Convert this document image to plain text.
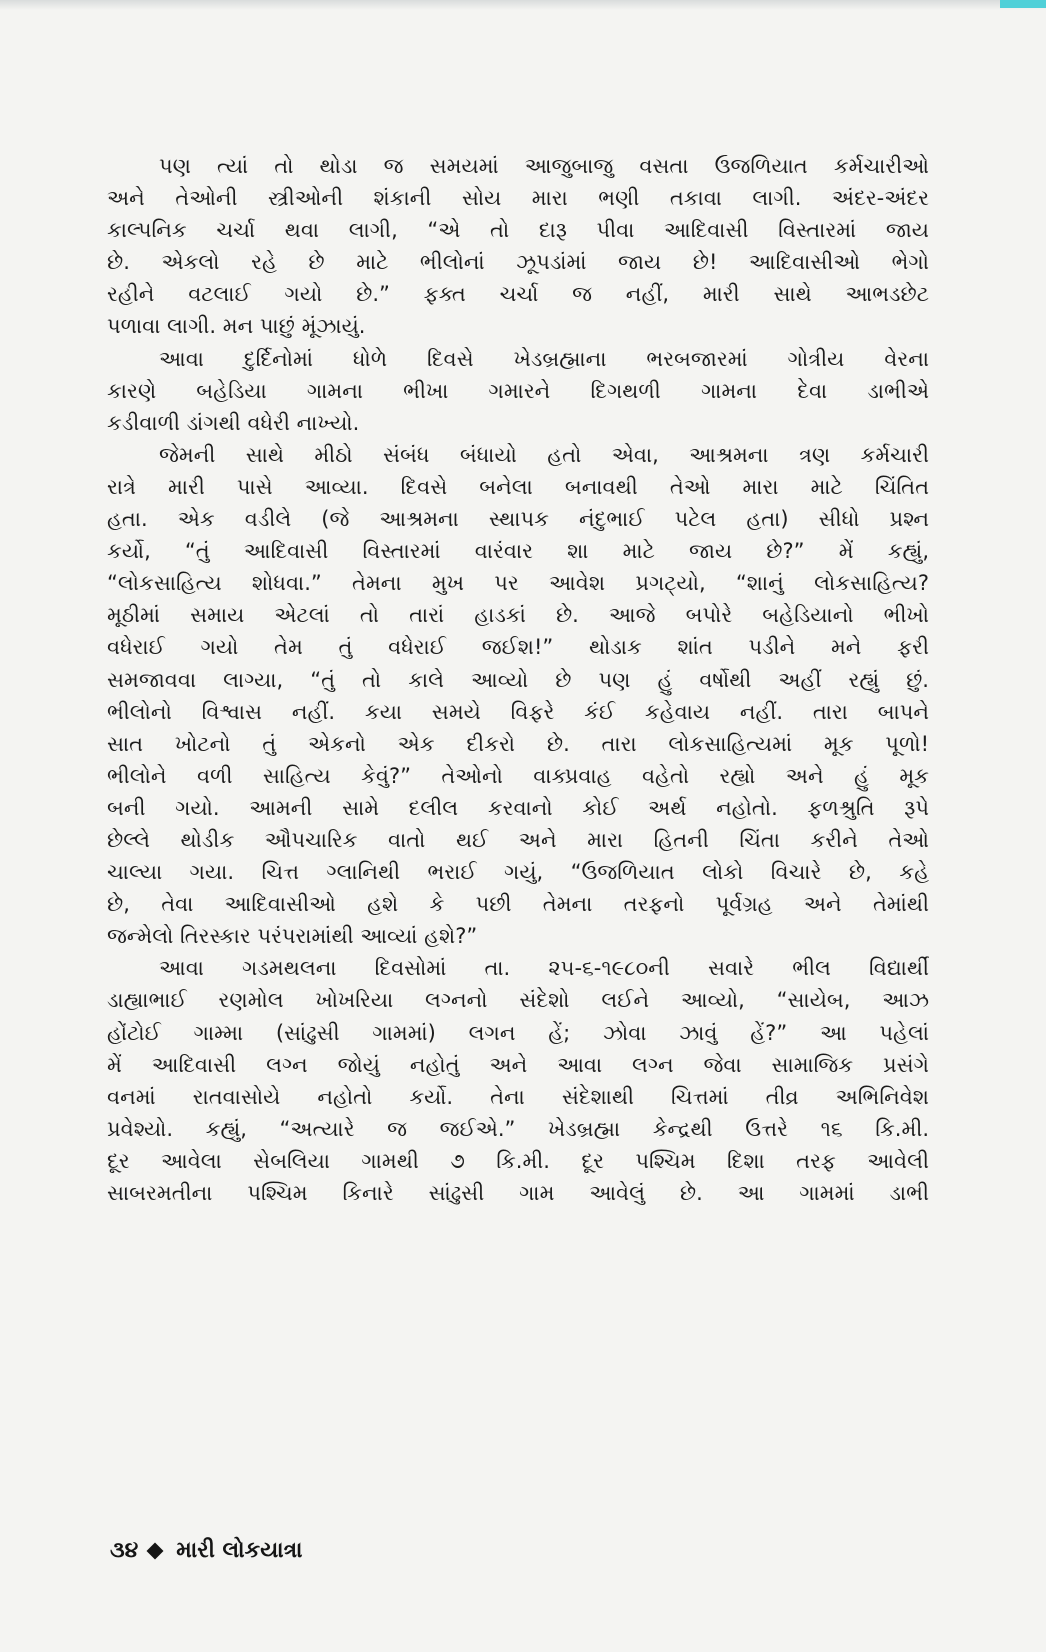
પણ ત્યાં તો થોડા જ સમયમાં આજુબાજુ વસતા ઉજળિયાત કર્મચારીઓ
અને તેઓની સ્ત્રીઓની શંકાની સોય મારા ભણી તકાવા લાગી. અંદર-અંદર
કાલ્પનિક ચર્ચા થવા લાગી, “એ તો દારૂ પીવા આદિવાસી વિસ્તારમાં જાય
છે. એકલો રહે છે માટે ભીલોનાં ઝૂપડાંમાં જાય છે! આદિવાસીઓ ભેગો
રહીને વટલાઈ ગયો છે.” ફક્ત ચર્ચા જ નહીં, મારી સાથે આભડછેટ
પળાવા લાગી. મન પાછું મૂંઝાયું.
આવા દુર્દિનોમાં ધોળે દિવસે ખેડબ્રહ્માના ભરબજારમાં ગોત્રીય વેરના
કારણે બહેડિયા ગામના ભીખા ગમારને દિગથળી ગામના દેવા ડાભીએ
કડીવાળી ડાંગથી વધેરી નાખ્યો.
જેમની સાથે મીઠો સંબંધ બંધાયો હતો એવા, આશ્રમના ત્રણ કર્મચારી
રાત્રે મારી પાસે આવ્યા. દિવસે બનેલા બનાવથી તેઓ મારા માટે ચિંતિત
હતા. એક વડીલે (જે આશ્રમના સ્થાપક નંદુભાઈ પટેલ હતા) સીધો પ્રશ્ન
કર્યો, “તું આદિવાસી વિસ્તારમાં વારંવાર શા માટે જાય છે?” મેં કહ્યું,
“લોકસાહિત્ય શોધવા.” તેમના મુખ પર આવેશ પ્રગટ્યો, “શાનું લોકસાહિત્ય?
મૂઠીમાં સમાય એટલાં તો તારાં હાડકાં છે. આજે બપોરે બહેડિયાનો ભીખો
વધેરાઈ ગયો તેમ તું વધેરાઈ જઈશ!” થોડાક શાંત પડીને મને ફરી
સમજાવવા લાગ્યા, “તું તો કાલે આવ્યો છે પણ હું વર્ષોથી અહીં રહ્યું છું.
ભીલોનો વિશ્વાસ નહીં. કયા સમયે વિફરે કંઈ કહેવાય નહીં. તારા બાપને
સાત ખોટનો તું એકનો એક દીકરો છે. તારા લોકસાહિત્યમાં મૂક પૂળો!
ભીલોને વળી સાહિત્ય કેવું?” તેઓનો વાક્પ્રવાહ વહેતો રહ્યો અને હું મૂક
બની ગયો. આમની સામે દલીલ કરવાનો કોઈ અર્થ નહોતો. ફળશ્રુતિ રૂપે
છેલ્લે થોડીક ઔપચારિક વાતો થઈ અને મારા હિતની ચિંતા કરીને તેઓ
ચાલ્યા ગયા. ચિત્ત ગ્લાનિથી ભરાઈ ગયું, “ઉજળિયાત લોકો વિચારે છે, કહે
છે, તેવા આદિવાસીઓ હશે કે પછી તેમના તરફનો પૂર્વગ્રહ અને તેમાંથી
જન્મેલો તિરસ્કાર પરંપરામાંથી આવ્યાં હશે?”
આવા ગડમથલના દિવસોમાં તા. ૨૫-૬-૧૯૮૦ની સવારે ભીલ વિદ્યાર્થી
ડાહ્યાભાઈ રણમોલ ખોખરિયા લગ્નનો સંદેશો લઈને આવ્યો, “સાયેબ, આઝ
હોંટોઈ ગામ્મા (સાંઢુસી ગામમાં) લગન હેં; ઝોવા ઝાવું હેં?” આ પહેલાં
મેં આદિવાસી લગ્ન જોયું નહોતું અને આવા લગ્ન જેવા સામાજિક પ્રસંગે
વનમાં રાતવાસોયે નહોતો કર્યો. તેના સંદેશાથી ચિત્તમાં તીવ્ર અભિનિવેશ
પ્રવેશ્યો. કહ્યું, “અત્યારે જ જઈએ.” ખેડબ્રહ્મા કેન્દ્રથી ઉત્તરે ૧૬ કિ.મી.
દૂર આવેલા સેબલિયા ગામથી ૭ કિ.મી. દૂર પશ્ચિમ દિશા તરફ આવેલી
સાબરમતીના પશ્ચિમ કિનારે સાંઢુસી ગામ આવેલું છે. આ ગામમાં ડાભી
૩૪ મારી લોકયાત્રા
